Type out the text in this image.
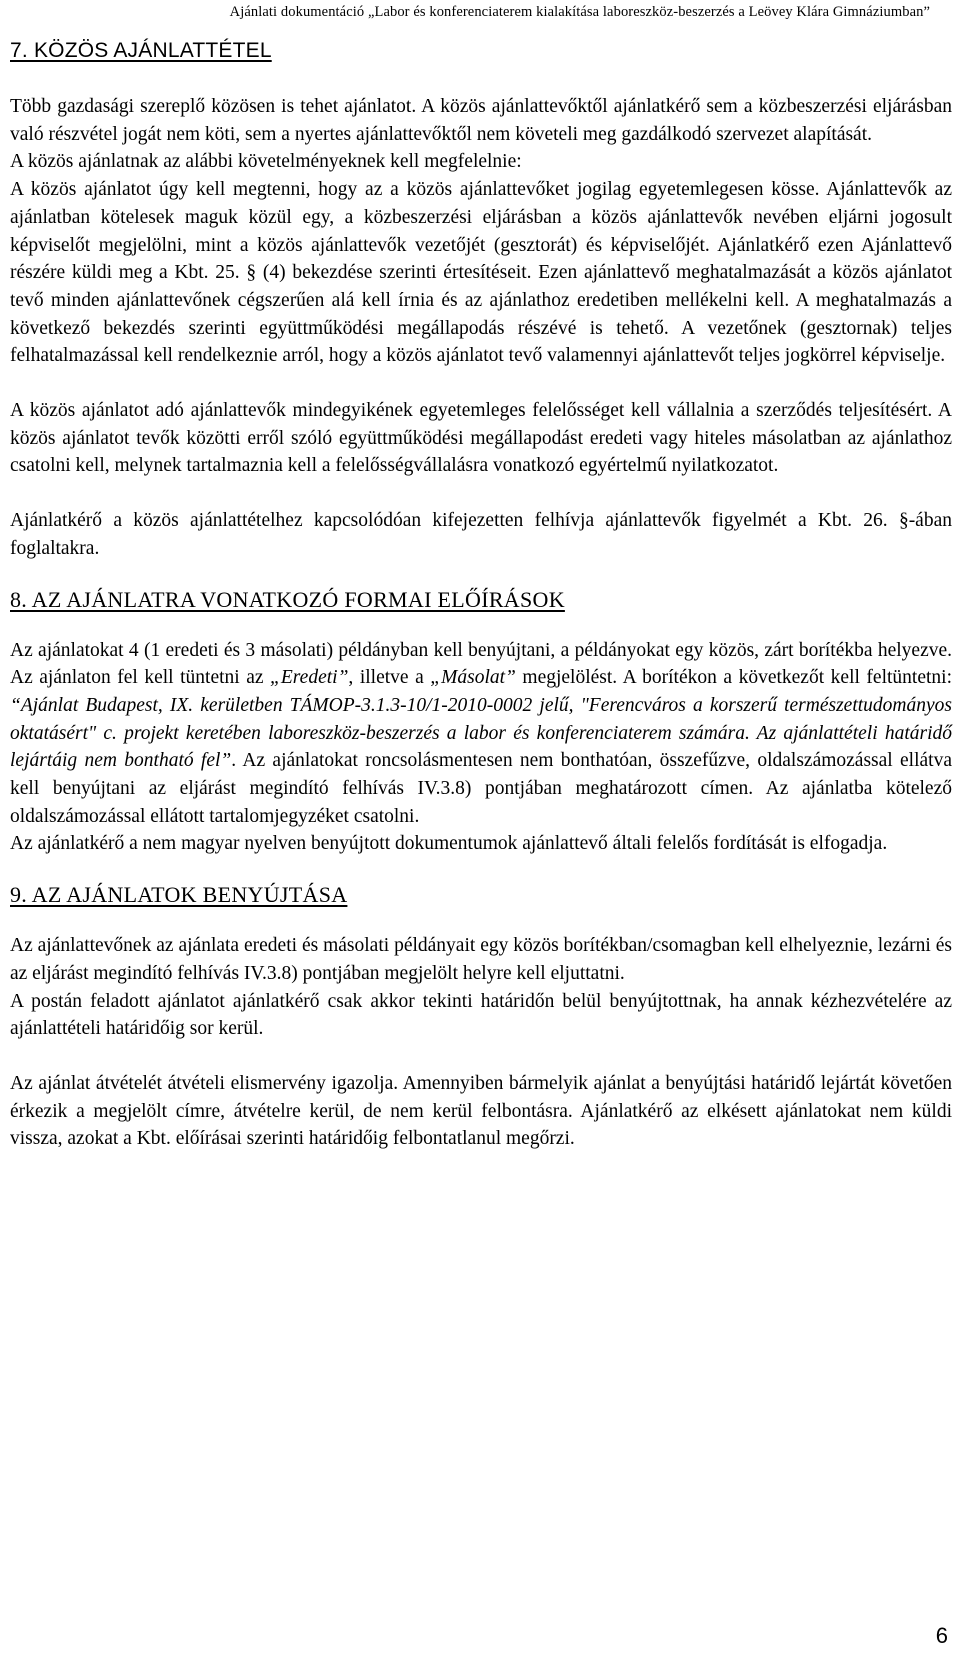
Ajánlati dokumentáció „Labor és konferenciaterem kialakítása laboreszköz-beszerzés a Leövey Klára Gimnáziumban”
7. KÖZÖS AJÁNLATTÉTEL

Több gazdasági szereplő közösen is tehet ajánlatot. A közös ajánlattevőktől ajánlatkérő sem a közbeszerzési eljárásban való részvétel jogát nem köti, sem a nyertes ajánlattevőktől nem követeli meg gazdálkodó szervezet alapítását.

A közös ajánlatnak az alábbi követelményeknek kell megfelelnie:

A közös ajánlatot úgy kell megtenni, hogy az a közös ajánlattevőket jogilag egyetemlegesen kösse. Ajánlattevők az ajánlatban kötelesek maguk közül egy, a közbeszerzési eljárásban a közös ajánlattevők nevében eljárni jogosult képviselőt megjelölni, mint a közös ajánlattevők vezetőjét (gesztorát) és képviselőjét. Ajánlatkérő ezen Ajánlattevő részére küldi meg a Kbt. 25. § (4) bekezdése szerinti értesítéseit. Ezen ajánlattevő meghatalmazását a közös ajánlatot tevő minden ajánlattevőnek cégszerűen alá kell írnia és az ajánlathoz eredetiben mellékelni kell. A meghatalmazás a következő bekezdés szerinti együttműködési megállapodás részévé is tehető. A vezetőnek (gesztornak) teljes felhatalmazással kell rendelkeznie arról, hogy a közös ajánlatot tevő valamennyi ajánlattevőt teljes jogkörrel képviselje.

A közös ajánlatot adó ajánlattevők mindegyikének egyetemleges felelősséget kell vállalnia a szerződés teljesítésért. A közös ajánlatot tevők közötti erről szóló együttműködési megállapodást eredeti vagy hiteles másolatban az ajánlathoz csatolni kell, melynek tartalmaznia kell a felelősségvállalásra vonatkozó egyértelmű nyilatkozatot.

Ajánlatkérő a közös ajánlattételhez kapcsolódóan kifejezetten felhívja ajánlattevők figyelmét a Kbt. 26. §-ában foglaltakra.

8. AZ AJÁNLATRA VONATKOZÓ FORMAI ELŐÍRÁSOK

Az ajánlatokat 4 (1 eredeti és 3 másolati) példányban kell benyújtani, a példányokat egy közös, zárt borítékba helyezve. Az ajánlaton fel kell tüntetni az „Eredeti”, illetve a „Másolat” megjelölést. A borítékon a következőt kell feltüntetni: “Ajánlat Budapest, IX. kerületben TÁMOP-3.1.3-10/1-2010-0002 jelű, "Ferencváros a korszerű természettudományos oktatásért" c. projekt keretében laboreszköz-beszerzés a labor és konferenciaterem számára. Az ajánlattételi határidő lejártáig nem bontható fel”. Az ajánlatokat roncsolásmentesen nem bonthatóan, összefűzve, oldalszámozással ellátva kell benyújtani az eljárást megindító felhívás IV.3.8) pontjában meghatározott címen. Az ajánlatba kötelező oldalszámozással ellátott tartalomjegyzéket csatolni.

Az ajánlatkérő a nem magyar nyelven benyújtott dokumentumok ajánlattevő általi felelős fordítását is elfogadja.

9. AZ AJÁNLATOK BENYÚJTÁSA

Az ajánlattevőnek az ajánlata eredeti és másolati példányait egy közös borítékban/csomagban kell elhelyeznie, lezárni és az eljárást megindító felhívás IV.3.8) pontjában megjelölt helyre kell eljuttatni.

A postán feladott ajánlatot ajánlatkérő csak akkor tekinti határidőn belül benyújtottnak, ha annak kézhezvételére az ajánlattételi határidőig sor kerül.

Az ajánlat átvételét átvételi elismervény igazolja. Amennyiben bármelyik ajánlat a benyújtási határidő lejártát követően érkezik a megjelölt címre, átvételre kerül, de nem kerül felbontásra. Ajánlatkérő az elkésett ajánlatokat nem küldi vissza, azokat a Kbt. előírásai szerinti határidőig felbontatlanul megőrzi.

6
